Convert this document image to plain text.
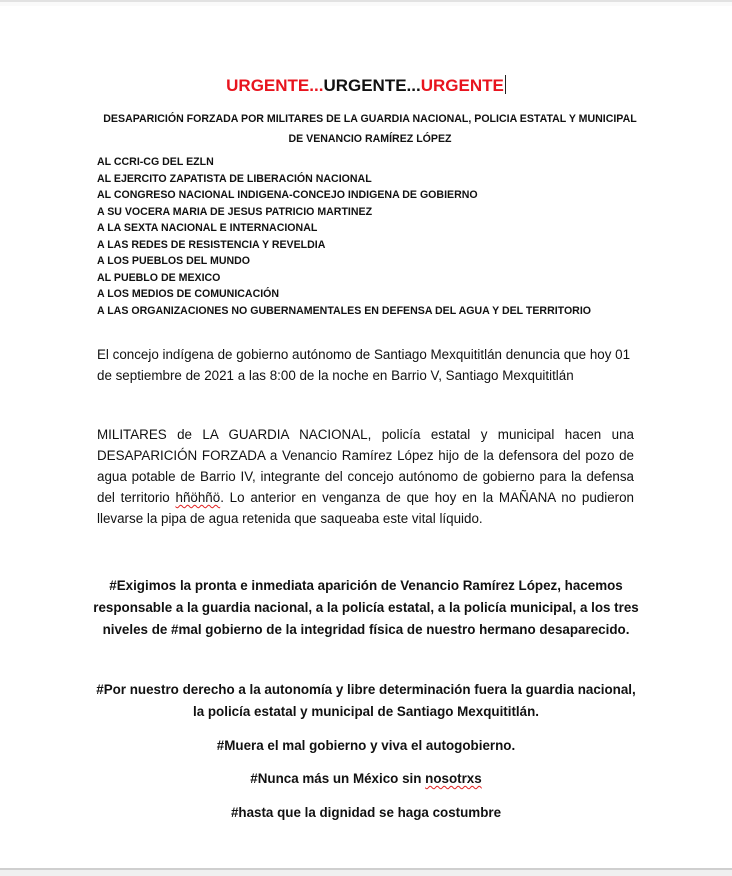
URGENTE...URGENTE...URGENTE
DESAPARICIÓN FORZADA POR MILITARES DE LA GUARDIA NACIONAL, POLICIA ESTATAL Y MUNICIPAL DE VENANCIO RAMÍREZ LÓPEZ
AL CCRI-CG DEL EZLN
AL EJERCITO ZAPATISTA DE LIBERACIÓN NACIONAL
AL CONGRESO NACIONAL INDIGENA-CONCEJO INDIGENA DE GOBIERNO
A SU VOCERA MARIA DE JESUS PATRICIO MARTINEZ
A LA SEXTA NACIONAL E INTERNACIONAL
A LAS REDES DE RESISTENCIA Y REVELDIA
A LOS PUEBLOS DEL MUNDO
AL PUEBLO DE MEXICO
A LOS MEDIOS DE COMUNICACIÓN
A LAS ORGANIZACIONES NO GUBERNAMENTALES EN DEFENSA DEL AGUA Y DEL TERRITORIO

El concejo indígena de gobierno autónomo de Santiago Mexquititlán denuncia que hoy 01 de septiembre de 2021 a las 8:00 de la noche en Barrio V, Santiago Mexquititlán

MILITARES de LA GUARDIA NACIONAL, policía estatal y municipal hacen una DESAPARICIÓN FORZADA a Venancio Ramírez López hijo de la defensora del pozo de agua potable de Barrio IV, integrante del concejo autónomo de gobierno para la defensa del territorio hñöhñö. Lo anterior en venganza de que hoy en la MAÑANA no pudieron llevarse la pipa de agua retenida que saqueaba este vital líquido.

#Exigimos la pronta e inmediata aparición de Venancio Ramírez López, hacemos responsable a la guardia nacional, a la policía estatal, a la policía municipal, a los tres niveles de #mal gobierno de la integridad física de nuestro hermano desaparecido.

#Por nuestro derecho a la autonomía y libre determinación fuera la guardia nacional, la policía estatal y municipal de Santiago Mexquititlán.

#Muera el mal gobierno y viva el autogobierno.

#Nunca más un México sin nosotrxs

#hasta que la dignidad se haga costumbre
